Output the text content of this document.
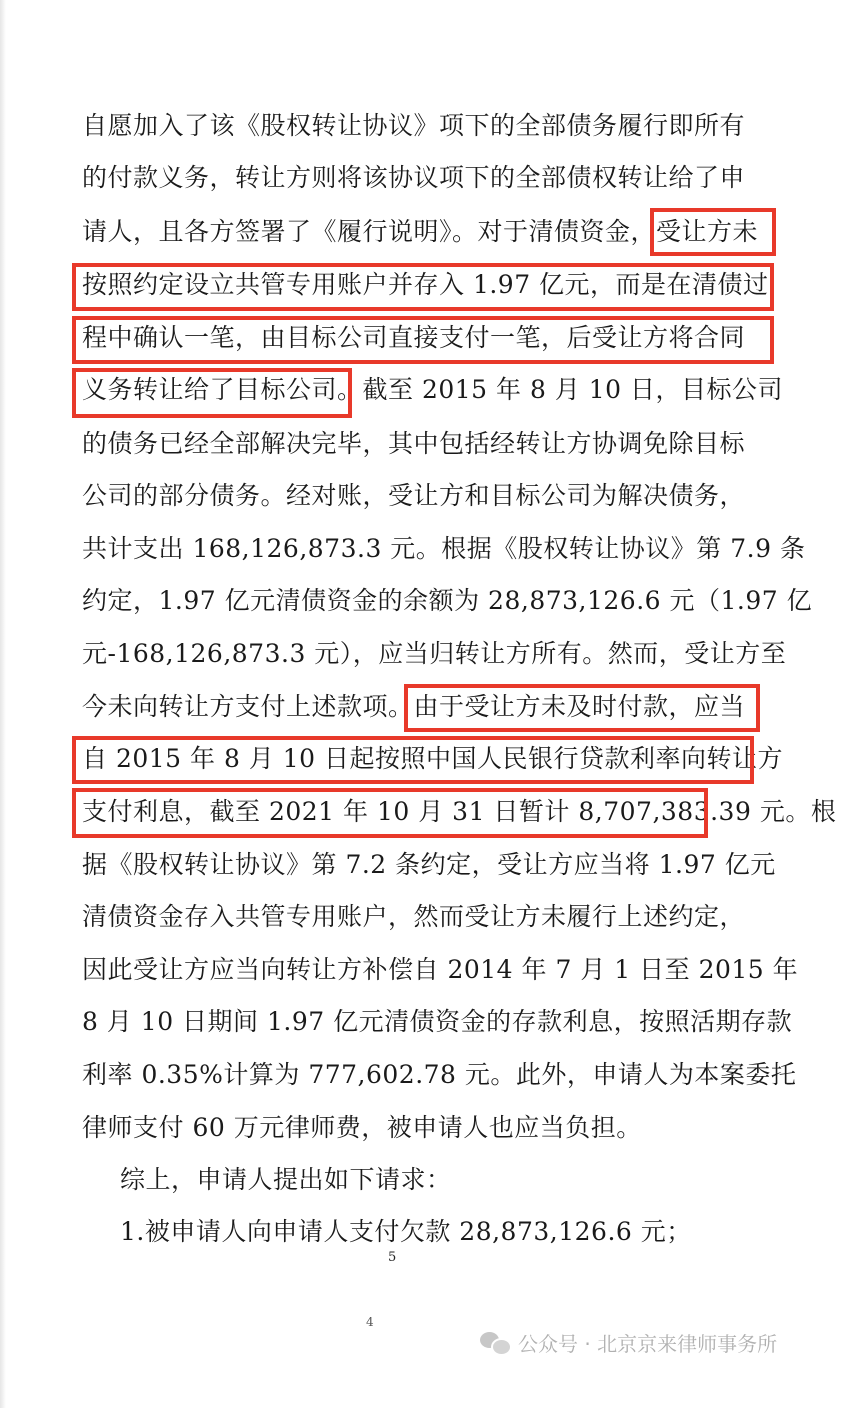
自愿加入了该《股权转让协议》项下的全部债务履行即所有
的付款义务，转让方则将该协议项下的全部债权转让给了申
请人，且各方签署了《履行说明》。对于清债资金，受让方未
按照约定设立共管专用账户并存入 1.97 亿元，而是在清债过
程中确认一笔，由目标公司直接支付一笔，后受让方将合同
义务转让给了目标公司。截至 2015 年 8 月 10 日，目标公司
的债务已经全部解决完毕，其中包括经转让方协调免除目标
公司的部分债务。经对账，受让方和目标公司为解决债务，
共计支出 168,126,873.3 元。根据《股权转让协议》第 7.9 条
约定，1.97 亿元清债资金的余额为 28,873,126.6 元（1.97 亿
元-168,126,873.3 元），应当归转让方所有。然而，受让方至
今未向转让方支付上述款项。由于受让方未及时付款，应当
自 2015 年 8 月 10 日起按照中国人民银行贷款利率向转让方
支付利息，截至 2021 年 10 月 31 日暂计 8,707,383.39 元。根
据《股权转让协议》第 7.2 条约定，受让方应当将 1.97 亿元
清债资金存入共管专用账户，然而受让方未履行上述约定，
因此受让方应当向转让方补偿自 2014 年 7 月 1 日至 2015 年
8 月 10 日期间 1.97 亿元清债资金的存款利息，按照活期存款
利率 0.35%计算为 777,602.78 元。此外，申请人为本案委托
律师支付 60 万元律师费，被申请人也应当负担。
综上，申请人提出如下请求：
1.被申请人向申请人支付欠款 28,873,126.6 元；
5
4
公众号 · 北京京来律师事务所
